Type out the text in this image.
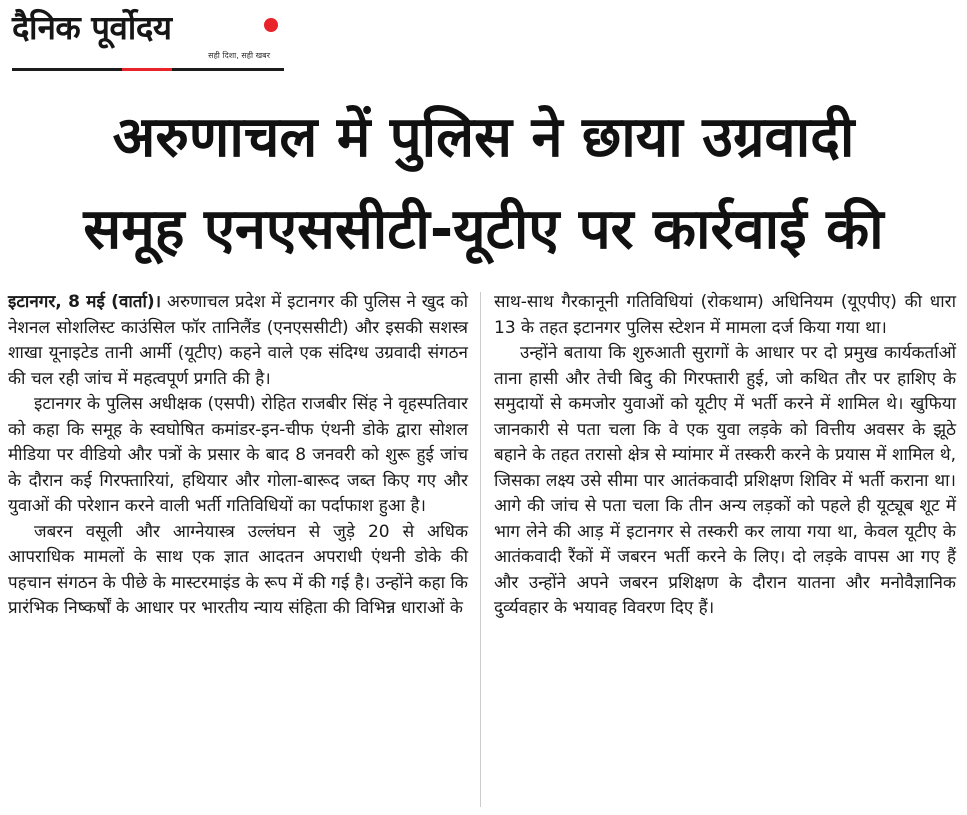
दैनिक पूर्वोदय
सही दिशा, सही खबर
अरुणाचल में पुलिस ने छाया उग्रवादी
समूह एनएससीटी-यूटीए पर कार्रवाई की

इटानगर, 8 मई (वार्ता)। अरुणाचल प्रदेश में इटानगर की पुलिस ने खुद को नेशनल सोशलिस्ट काउंसिल फॉर तानिलैंड (एनएससीटी) और इसकी सशस्त्र शाखा यूनाइटेड तानी आर्मी (यूटीए) कहने वाले एक संदिग्ध उग्रवादी संगठन की चल रही जांच में महत्वपूर्ण प्रगति की है।

इटानगर के पुलिस अधीक्षक (एसपी) रोहित राजबीर सिंह ने वृहस्पतिवार को कहा कि समूह के स्वघोषित कमांडर-इन-चीफ एंथनी डोके द्वारा सोशल मीडिया पर वीडियो और पत्रों के प्रसार के बाद 8 जनवरी को शुरू हुई जांच के दौरान कई गिरफ्तारियां, हथियार और गोला-बारूद जब्त किए गए और युवाओं की परेशान करने वाली भर्ती गतिविधियों का पर्दाफाश हुआ है।

जबरन वसूली और आग्नेयास्त्र उल्लंघन से जुड़े 20 से अधिक आपराधिक मामलों के साथ एक ज्ञात आदतन अपराधी एंथनी डोके की पहचान संगठन के पीछे के मास्टरमाइंड के रूप में की गई है। उन्होंने कहा कि प्रारंभिक निष्कर्षों के आधार पर भारतीय न्याय संहिता की विभिन्न धाराओं के

साथ-साथ गैरकानूनी गतिविधियां (रोकथाम) अधिनियम (यूएपीए) की धारा 13 के तहत इटानगर पुलिस स्टेशन में मामला दर्ज किया गया था।

उन्होंने बताया कि शुरुआती सुरागों के आधार पर दो प्रमुख कार्यकर्ताओं ताना हासी और तेची बिदु की गिरफ्तारी हुई, जो कथित तौर पर हाशिए के समुदायों से कमजोर युवाओं को यूटीए में भर्ती करने में शामिल थे। खुफिया जानकारी से पता चला कि वे एक युवा लड़के को वित्तीय अवसर के झूठे बहाने के तहत तरासो क्षेत्र से म्यांमार में तस्करी करने के प्रयास में शामिल थे, जिसका लक्ष्य उसे सीमा पार आतंकवादी प्रशिक्षण शिविर में भर्ती कराना था। आगे की जांच से पता चला कि तीन अन्य लड़कों को पहले ही यूट्यूब शूट में भाग लेने की आड़ में इटानगर से तस्करी कर लाया गया था, केवल यूटीए के आतंकवादी रैंकों में जबरन भर्ती करने के लिए। दो लड़के वापस आ गए हैं और उन्होंने अपने जबरन प्रशिक्षण के दौरान यातना और मनोवैज्ञानिक दुर्व्यवहार के भयावह विवरण दिए हैं।
